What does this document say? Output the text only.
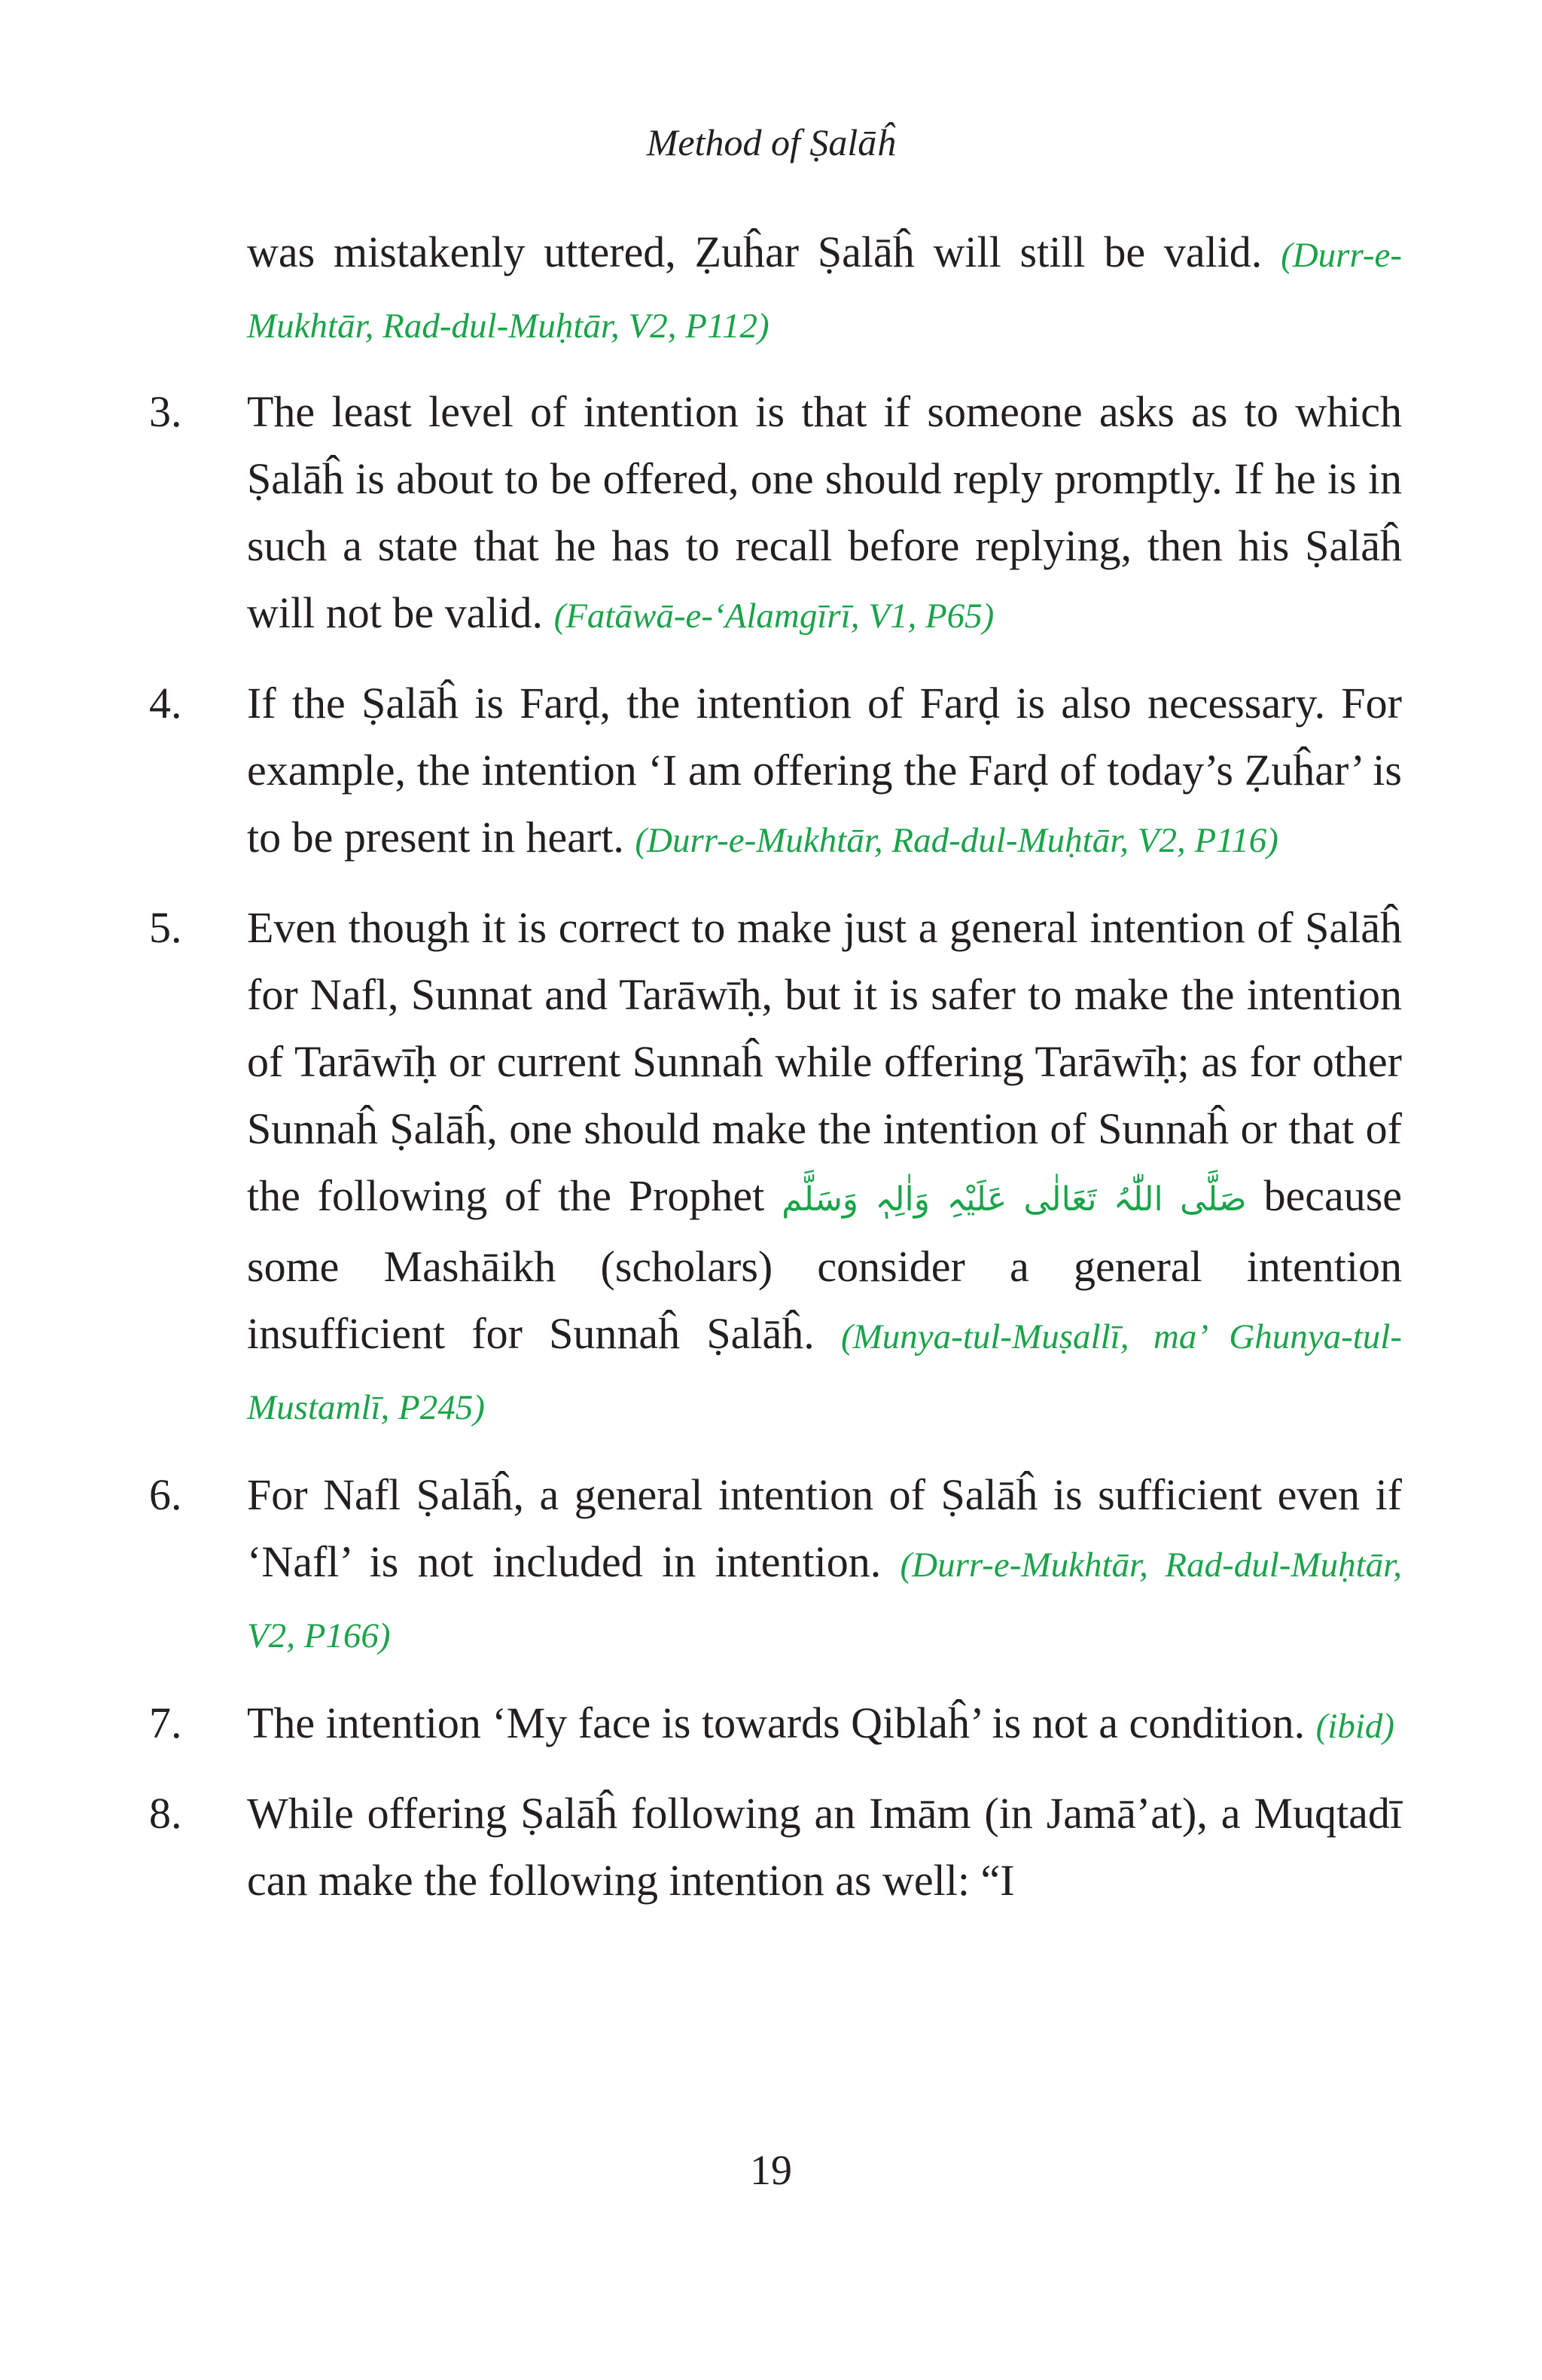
Method of Ṣalāĥ
was mistakenly uttered, Ẓuĥar Ṣalāĥ will still be valid. (Durr-e-Mukhtār, Rad-dul-Muḥtār, V2, P112)
3.	The least level of intention is that if someone asks as to which Ṣalāĥ is about to be offered, one should reply promptly. If he is in such a state that he has to recall before replying, then his Ṣalāĥ will not be valid. (Fatāwā-e-‘Alamgīrī, V1, P65)
4.	If the Ṣalāĥ is Farḍ, the intention of Farḍ is also necessary. For example, the intention ‘I am offering the Farḍ of today’s Ẓuĥar’ is to be present in heart. (Durr-e-Mukhtār, Rad-dul-Muḥtār, V2, P116)
5.	Even though it is correct to make just a general intention of Ṣalāĥ for Nafl, Sunnat and Tarāwīḥ, but it is safer to make the intention of Tarāwīḥ or current Sunnaĥ while offering Tarāwīḥ; as for other Sunnaĥ Ṣalāĥ, one should make the intention of Sunnaĥ or that of the following of the Prophet صَلَّی اللّٰہُ تَعَالٰی عَلَیْہِ وَاٰلِہٖ وَسَلَّم because some Mashāikh (scholars) consider a general intention insufficient for Sunnaĥ Ṣalāĥ. (Munya-tul-Muṣallī, ma’ Ghunya-tul-Mustamlī, P245)
6.	For Nafl Ṣalāĥ, a general intention of Ṣalāĥ is sufficient even if ‘Nafl’ is not included in intention. (Durr-e-Mukhtār, Rad-dul-Muḥtār, V2, P166)
7.	The intention ‘My face is towards Qiblaĥ’ is not a condition. (ibid)
8.	While offering Ṣalāĥ following an Imām (in Jamā’at), a Muqtadī can make the following intention as well: “I
19
